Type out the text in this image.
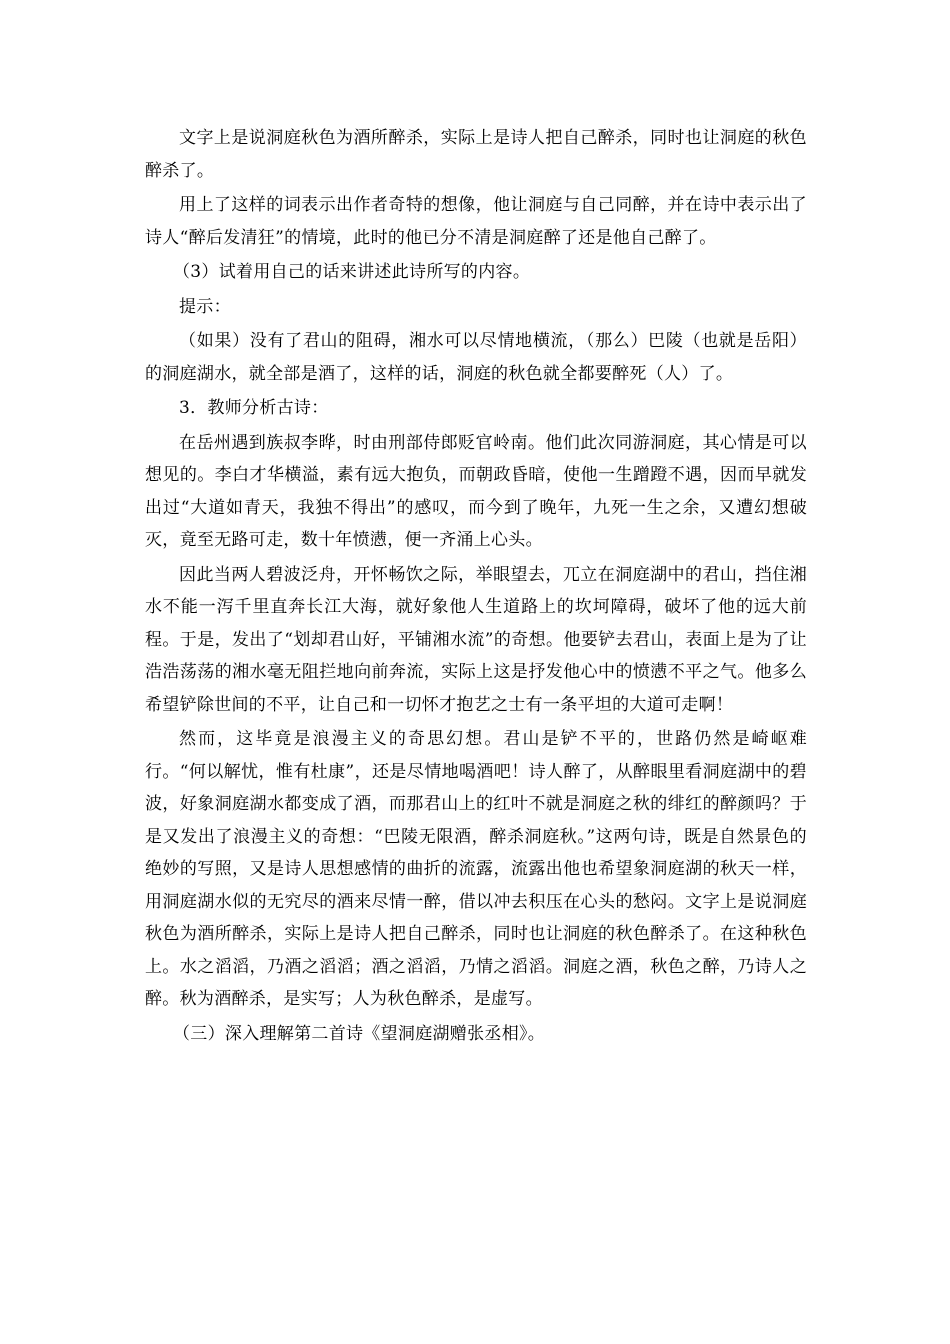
文字上是说洞庭秋色为酒所醉杀，实际上是诗人把自己醉杀，同时也让洞庭的秋色醉杀了。

用上了这样的词表示出作者奇特的想像，他让洞庭与自己同醉，并在诗中表示出了诗人“醉后发清狂”的情境，此时的他已分不清是洞庭醉了还是他自己醉了。

（3）试着用自己的话来讲述此诗所写的内容。

提示：

（如果）没有了君山的阻碍，湘水可以尽情地横流，（那么）巴陵（也就是岳阳）的洞庭湖水，就全部是酒了，这样的话，洞庭的秋色就全都要醉死（人）了。

3．教师分析古诗：

在岳州遇到族叔李晔，时由刑部侍郎贬官岭南。他们此次同游洞庭，其心情是可以想见的。李白才华横溢，素有远大抱负，而朝政昏暗，使他一生蹭蹬不遇，因而早就发出过“大道如青天，我独不得出”的感叹，而今到了晚年，九死一生之余，又遭幻想破灭，竟至无路可走，数十年愤懑，便一齐涌上心头。

因此当两人碧波泛舟，开怀畅饮之际，举眼望去，兀立在洞庭湖中的君山，挡住湘水不能一泻千里直奔长江大海，就好象他人生道路上的坎坷障碍，破坏了他的远大前程。于是，发出了“划却君山好，平铺湘水流”的奇想。他要铲去君山，表面上是为了让浩浩荡荡的湘水毫无阻拦地向前奔流，实际上这是抒发他心中的愤懑不平之气。他多么希望铲除世间的不平，让自己和一切怀才抱艺之士有一条平坦的大道可走啊！

然而，这毕竟是浪漫主义的奇思幻想。君山是铲不平的，世路仍然是崎岖难行。“何以解忧，惟有杜康”，还是尽情地喝酒吧！诗人醉了，从醉眼里看洞庭湖中的碧波，好象洞庭湖水都变成了酒，而那君山上的红叶不就是洞庭之秋的绯红的醉颜吗？于是又发出了浪漫主义的奇想：“巴陵无限酒，醉杀洞庭秋。”这两句诗，既是自然景色的绝妙的写照，又是诗人思想感情的曲折的流露，流露出他也希望象洞庭湖的秋天一样，用洞庭湖水似的无究尽的酒来尽情一醉，借以冲去积压在心头的愁闷。文字上是说洞庭秋色为酒所醉杀，实际上是诗人把自己醉杀，同时也让洞庭的秋色醉杀了。在这种秋色上。水之滔滔，乃酒之滔滔；酒之滔滔，乃情之滔滔。洞庭之酒，秋色之醉，乃诗人之醉。秋为酒醉杀，是实写；人为秋色醉杀，是虚写。

（三）深入理解第二首诗《望洞庭湖赠张丞相》。
